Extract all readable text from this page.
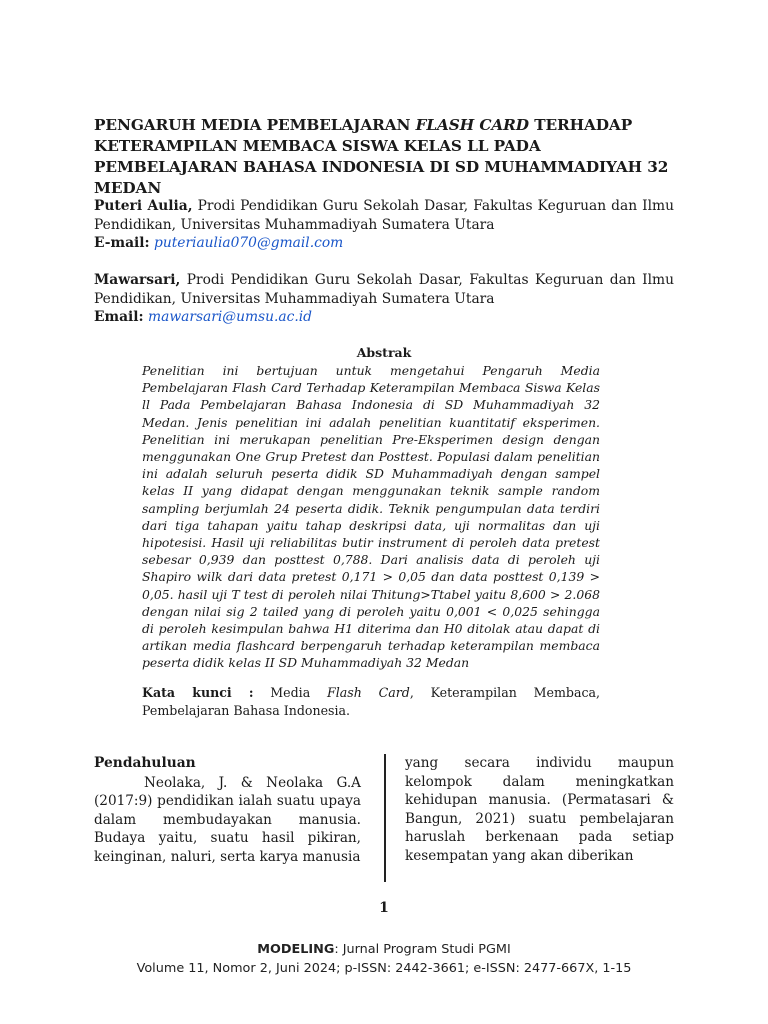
PENGARUH MEDIA PEMBELAJARAN FLASH CARD TERHADAP KETERAMPILAN MEMBACA SISWA KELAS LL PADA PEMBELAJARAN BAHASA INDONESIA DI SD MUHAMMADIYAH 32 MEDAN
Puteri Aulia, Prodi Pendidikan Guru Sekolah Dasar, Fakultas Keguruan dan Ilmu
Pendidikan, Universitas Muhammadiyah Sumatera Utara
E-mail: puteriaulia070@gmail.com
Mawarsari, Prodi Pendidikan Guru Sekolah Dasar, Fakultas Keguruan dan Ilmu
Pendidikan, Universitas Muhammadiyah Sumatera Utara
Email: mawarsari@umsu.ac.id
Abstrak
Penelitian ini bertujuan untuk mengetahui Pengaruh Media Pembelajaran Flash Card Terhadap Keterampilan Membaca Siswa Kelas ll Pada Pembelajaran Bahasa Indonesia di SD Muhammadiyah 32 Medan. Jenis penelitian ini adalah penelitian kuantitatif eksperimen. Penelitian ini merukapan penelitian Pre-Eksperimen design dengan menggunakan One Grup Pretest dan Posttest. Populasi dalam penelitian ini adalah seluruh peserta didik SD Muhammadiyah dengan sampel kelas II yang didapat dengan menggunakan teknik sample random sampling berjumlah 24 peserta didik. Teknik pengumpulan data terdiri dari tiga tahapan yaitu tahap deskripsi data, uji normalitas dan uji hipotesisi. Hasil uji reliabilitas butir instrument di peroleh data pretest sebesar 0,939 dan posttest 0,788. Dari analisis data di peroleh uji Shapiro wilk dari data pretest 0,171 > 0,05 dan data posttest 0,139 > 0,05. hasil uji T test di peroleh nilai Thitung>Ttabel yaitu 8,600 > 2.068 dengan nilai sig 2 tailed yang di peroleh yaitu 0,001 < 0,025 sehingga di peroleh kesimpulan bahwa H1 diterima dan H0 ditolak atau dapat di artikan media flashcard berpengaruh terhadap keterampilan membaca peserta didik kelas II SD Muhammadiyah 32 Medan
Kata kunci : Media Flash Card, Keterampilan Membaca, Pembelajaran Bahasa Indonesia.
Pendahuluan

Neolaka, J. & Neolaka G.A (2017:9) pendidikan ialah suatu upaya dalam membudayakan manusia. Budaya yaitu, suatu hasil pikiran, keinginan, naluri, serta karya manusia

yang secara individu maupun kelompok dalam meningkatkan kehidupan manusia. (Permatasari & Bangun, 2021) suatu pembelajaran haruslah berkenaan pada setiap kesempatan yang akan diberikan
1
MODELING: Jurnal Program Studi PGMI
Volume 11, Nomor 2, Juni 2024; p-ISSN: 2442-3661; e-ISSN: 2477-667X, 1-15
